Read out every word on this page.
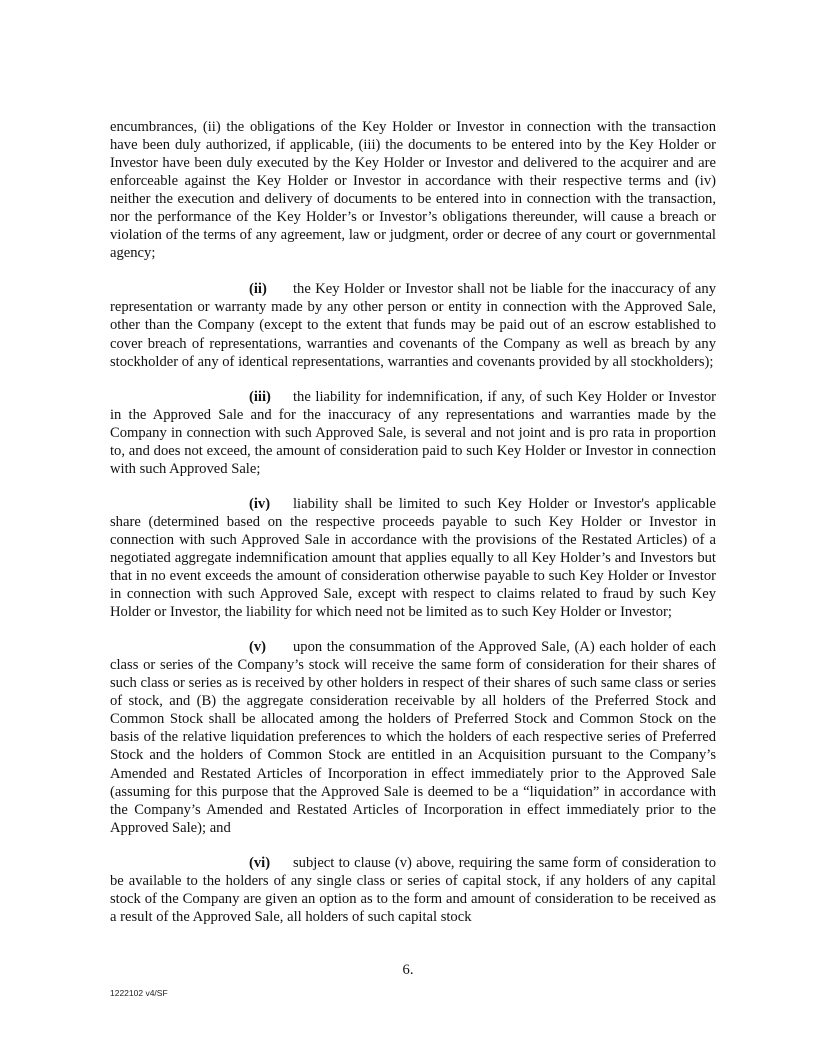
encumbrances, (ii) the obligations of the Key Holder or Investor in connection with the transaction have been duly authorized, if applicable, (iii) the documents to be entered into by the Key Holder or Investor have been duly executed by the Key Holder or Investor and delivered to the acquirer and are enforceable against the Key Holder or Investor in accordance with their respective terms and (iv) neither the execution and delivery of documents to be entered into in connection with the transaction, nor the performance of the Key Holder’s or Investor’s obligations thereunder, will cause a breach or violation of the terms of any agreement, law or judgment, order or decree of any court or governmental agency;

(ii) the Key Holder or Investor shall not be liable for the inaccuracy of any representation or warranty made by any other person or entity in connection with the Approved Sale, other than the Company (except to the extent that funds may be paid out of an escrow established to cover breach of representations, warranties and covenants of the Company as well as breach by any stockholder of any of identical representations, warranties and covenants provided by all stockholders);

(iii) the liability for indemnification, if any, of such Key Holder or Investor in the Approved Sale and for the inaccuracy of any representations and warranties made by the Company in connection with such Approved Sale, is several and not joint and is pro rata in proportion to, and does not exceed, the amount of consideration paid to such Key Holder or Investor in connection with such Approved Sale;

(iv) liability shall be limited to such Key Holder or Investor's applicable share (determined based on the respective proceeds payable to such Key Holder or Investor in connection with such Approved Sale in accordance with the provisions of the Restated Articles) of a negotiated aggregate indemnification amount that applies equally to all Key Holder’s and Investors but that in no event exceeds the amount of consideration otherwise payable to such Key Holder or Investor in connection with such Approved Sale, except with respect to claims related to fraud by such Key Holder or Investor, the liability for which need not be limited as to such Key Holder or Investor;

(v) upon the consummation of the Approved Sale, (A) each holder of each class or series of the Company’s stock will receive the same form of consideration for their shares of such class or series as is received by other holders in respect of their shares of such same class or series of stock, and (B) the aggregate consideration receivable by all holders of the Preferred Stock and Common Stock shall be allocated among the holders of Preferred Stock and Common Stock on the basis of the relative liquidation preferences to which the holders of each respective series of Preferred Stock and the holders of Common Stock are entitled in an Acquisition pursuant to the Company’s Amended and Restated Articles of Incorporation in effect immediately prior to the Approved Sale (assuming for this purpose that the Approved Sale is deemed to be a “liquidation” in accordance with the Company’s Amended and Restated Articles of Incorporation in effect immediately prior to the Approved Sale); and

(vi) subject to clause (v) above, requiring the same form of consideration to be available to the holders of any single class or series of capital stock, if any holders of any capital stock of the Company are given an option as to the form and amount of consideration to be received as a result of the Approved Sale, all holders of such capital stock

6.
1222102 v4/SF
